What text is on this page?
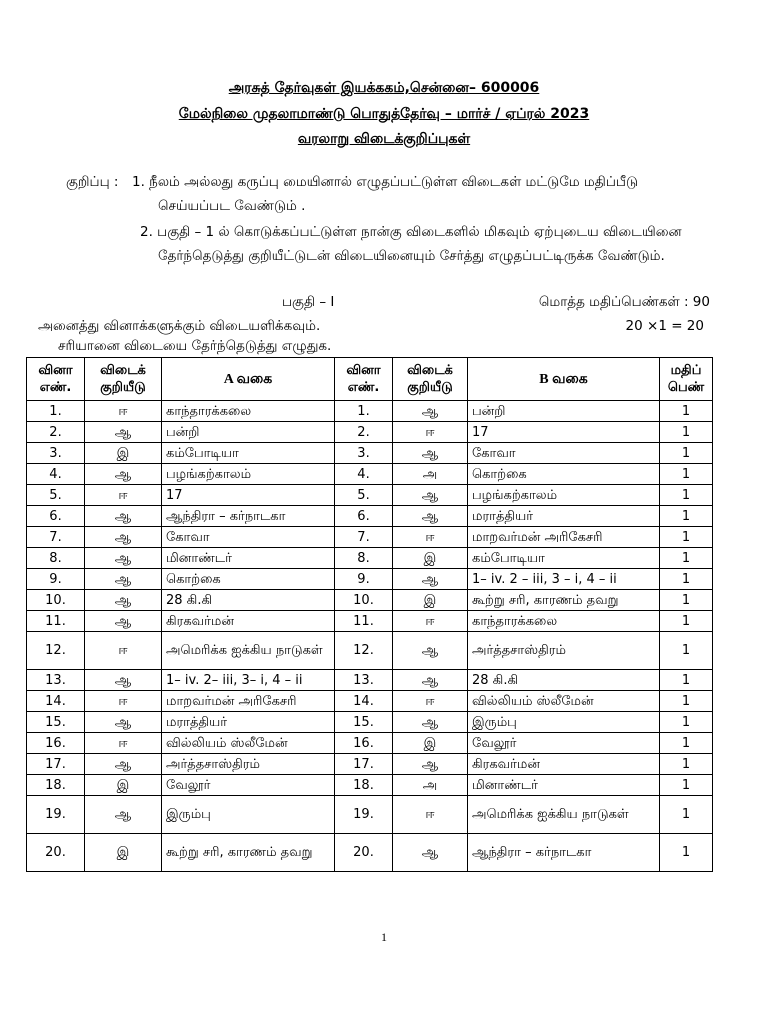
அரசுத் தேர்வுகள் இயக்ககம்,சென்னை– 600006
மேல்நிலை முதலாமாண்டு பொதுத்தேர்வு – மார்ச் / ஏப்ரல் 2023
வரலாறு விடைக்குறிப்புகள்
குறிப்பு : 1. நீலம் அல்லது கருப்பு மையினால் எழுதப்பட்டுள்ள விடைகள் மட்டுமே மதிப்பீடு
செய்யப்பட வேண்டும் .
2. பகுதி – 1 ல் கொடுக்கப்பட்டுள்ள நான்கு விடைகளில் மிகவும் ஏற்புடைய விடையினை
தேர்ந்தெடுத்து குறியீட்டுடன் விடையினையும் சேர்த்து எழுதப்பட்டிருக்க வேண்டும்.
பகுதி – I	மொத்த மதிப்பெண்கள் : 90
அனைத்து வினாக்களுக்கும் விடையளிக்கவும்.	20 ×1 = 20
சரியானை விடையை தேர்ந்தெடுத்து எழுதுக.
வினா எண்.	விடைக் குறியீடு	A வகை	வினா எண்.	விடைக் குறியீடு	B வகை	மதிப் பெண்
1.	ஈ	காந்தாரக்கலை	1.	ஆ	பன்றி	1
2.	ஆ	பன்றி	2.	ஈ	17	1
3.	இ	கம்போடியா	3.	ஆ	கோவா	1
4.	ஆ	பழங்கற்காலம்	4.	அ	கொற்கை	1
5.	ஈ	17	5.	ஆ	பழங்கற்காலம்	1
6.	ஆ	ஆந்திரா – கர்நாடகா	6.	ஆ	மராத்தியர்	1
7.	ஆ	கோவா	7.	ஈ	மாறவர்மன் அரிகேசரி	1
8.	ஆ	மினாண்டர்	8.	இ	கம்போடியா	1
9.	ஆ	கொற்கை	9.	ஆ	1– iv. 2 – iii, 3 – i, 4 – ii	1
10.	ஆ	28 கி.கி	10.	இ	கூற்று சரி, காரணம் தவறு	1
11.	ஆ	கிரகவர்மன்	11.	ஈ	காந்தாரக்கலை	1
12.	ஈ	அமெரிக்க ஐக்கிய நாடுகள்	12.	ஆ	அர்த்தசாஸ்திரம்	1
13.	ஆ	1– iv. 2– iii, 3– i, 4 – ii	13.	ஆ	28 கி.கி	1
14.	ஈ	மாறவர்மன் அரிகேசரி	14.	ஈ	வில்லியம் ஸ்லீமேன்	1
15.	ஆ	மராத்தியர்	15.	ஆ	இரும்பு	1
16.	ஈ	வில்லியம் ஸ்லீமேன்	16.	இ	வேலூர்	1
17.	ஆ	அர்த்தசாஸ்திரம்	17.	ஆ	கிரகவர்மன்	1
18.	இ	வேலூர்	18.	அ	மினாண்டர்	1
19.	ஆ	இரும்பு	19.	ஈ	அமெரிக்க ஐக்கிய நாடுகள்	1
20.	இ	கூற்று சரி, காரணம் தவறு	20.	ஆ	ஆந்திரா – கர்நாடகா	1
1
